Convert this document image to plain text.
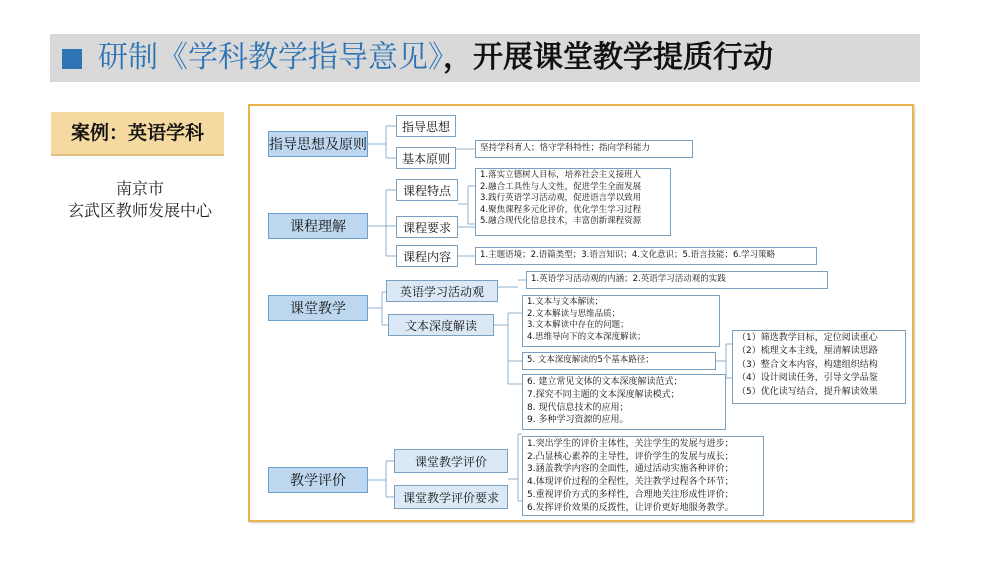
研制《学科教学指导意见》，开展课堂教学提质行动
案例：英语学科
南京市
玄武区教师发展中心
指导思想及原则
课程理解
课堂教学
教学评价
指导思想
基本原则
课程特点
课程要求
课程内容
英语学习活动观
文本深度解读
课堂教学评价
课堂教学评价要求
坚持学科育人；恪守学科特性；指向学科能力
1.落实立德树人目标，培养社会主义接班人
2.融合工具性与人文性，促进学生全面发展
3.践行英语学习活动观，促进语言学以致用
4.聚焦课程多元化评价，优化学生学习过程
5.融合现代化信息技术，丰富创新课程资源
1.主题语境；2.语篇类型；3.语言知识；4.文化意识；5.语言技能；6.学习策略
1.英语学习活动观的内涵；2.英语学习活动观的实践
1.文本与文本解读；
2.文本解读与思维品质；
3.文本解读中存在的问题；
4.思维导向下的文本深度解读；
5. 文本深度解读的5个基本路径；
（1）筛选教学目标，定位阅读重心
（2）梳理文本主线，厘清解读思路
（3）整合文本内容，构建组织结构
（4）设计阅读任务，引导文学品鉴
（5）优化读写结合，提升解读效果
6. 建立常见文体的文本深度解读范式；
7.探究不同主题的文本深度解读模式；
8. 现代信息技术的应用；
9. 多种学习资源的应用。
1.突出学生的评价主体性，关注学生的发展与进步；
2.凸显核心素养的主导性，评价学生的发展与成长；
3.涵盖教学内容的全面性，通过活动实施各种评价；
4.体现评价过程的全程性，关注教学过程各个环节；
5.重视评价方式的多样性，合理地关注形成性评价；
6.发挥评价效果的反拨性，让评价更好地服务教学。
